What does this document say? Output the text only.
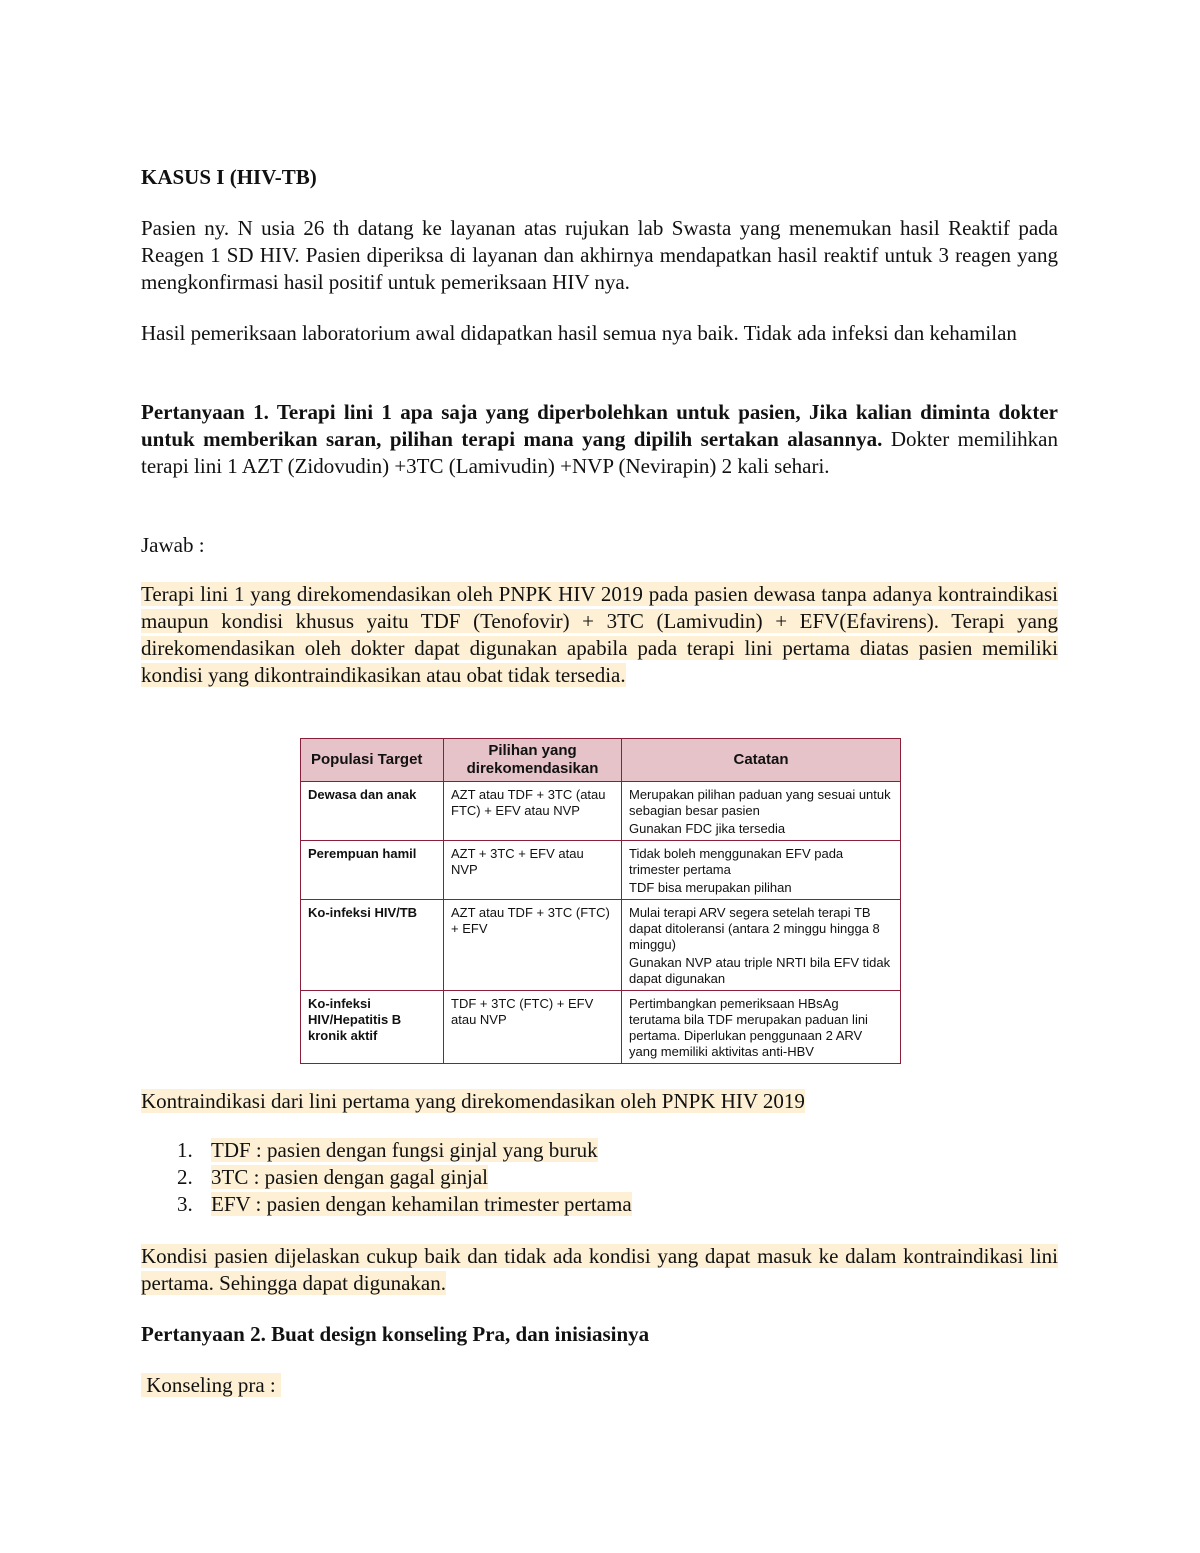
KASUS I (HIV-TB)

Pasien ny. N usia 26 th datang ke layanan atas rujukan lab Swasta yang menemukan hasil Reaktif pada Reagen 1 SD HIV. Pasien diperiksa di layanan dan akhirnya mendapatkan hasil reaktif untuk 3 reagen yang mengkonfirmasi hasil positif untuk pemeriksaan HIV nya.

Hasil pemeriksaan laboratorium awal didapatkan hasil semua nya baik. Tidak ada infeksi dan kehamilan

Pertanyaan 1. Terapi lini 1 apa saja yang diperbolehkan untuk pasien, Jika kalian diminta dokter untuk memberikan saran, pilihan terapi mana yang dipilih sertakan alasannya. Dokter memilihkan terapi lini 1 AZT (Zidovudin) +3TC (Lamivudin) +NVP (Nevirapin) 2 kali sehari.

Jawab :

Terapi lini 1 yang direkomendasikan oleh PNPK HIV 2019 pada pasien dewasa tanpa adanya kontraindikasi maupun kondisi khusus yaitu TDF (Tenofovir) + 3TC (Lamivudin) + EFV(Efavirens). Terapi yang direkomendasikan oleh dokter dapat digunakan apabila pada terapi lini pertama diatas pasien memiliki kondisi yang dikontraindikasikan atau obat tidak tersedia.

Populasi Target	Pilihan yang direkomendasikan	Catatan
Dewasa dan anak	AZT atau TDF + 3TC (atau FTC) + EFV atau NVP	Merupakan pilihan paduan yang sesuai untuk sebagian besar pasien
Gunakan FDC jika tersedia

Perempuan hamil	AZT + 3TC + EFV atau NVP	Tidak boleh menggunakan EFV pada trimester pertama
TDF bisa merupakan pilihan

Ko-infeksi HIV/TB	AZT atau TDF + 3TC (FTC) + EFV	Mulai terapi ARV segera setelah terapi TB dapat ditoleransi (antara 2 minggu hingga 8 minggu)
Gunakan NVP atau triple NRTI bila EFV tidak dapat digunakan

Ko-infeksi HIV/Hepatitis B kronik aktif	TDF + 3TC (FTC) + EFV atau NVP	Pertimbangkan pemeriksaan HBsAg terutama bila TDF merupakan paduan lini pertama. Diperlukan penggunaan 2 ARV yang memiliki aktivitas anti-HBV

Kontraindikasi dari lini pertama yang direkomendasikan oleh PNPK HIV 2019

1. TDF : pasien dengan fungsi ginjal yang buruk
2. 3TC : pasien dengan gagal ginjal
3. EFV : pasien dengan kehamilan trimester pertama

Kondisi pasien dijelaskan cukup baik dan tidak ada kondisi yang dapat masuk ke dalam kontraindikasi lini pertama. Sehingga dapat digunakan.

Pertanyaan 2. Buat design konseling Pra, dan inisiasinya

Konseling pra :
